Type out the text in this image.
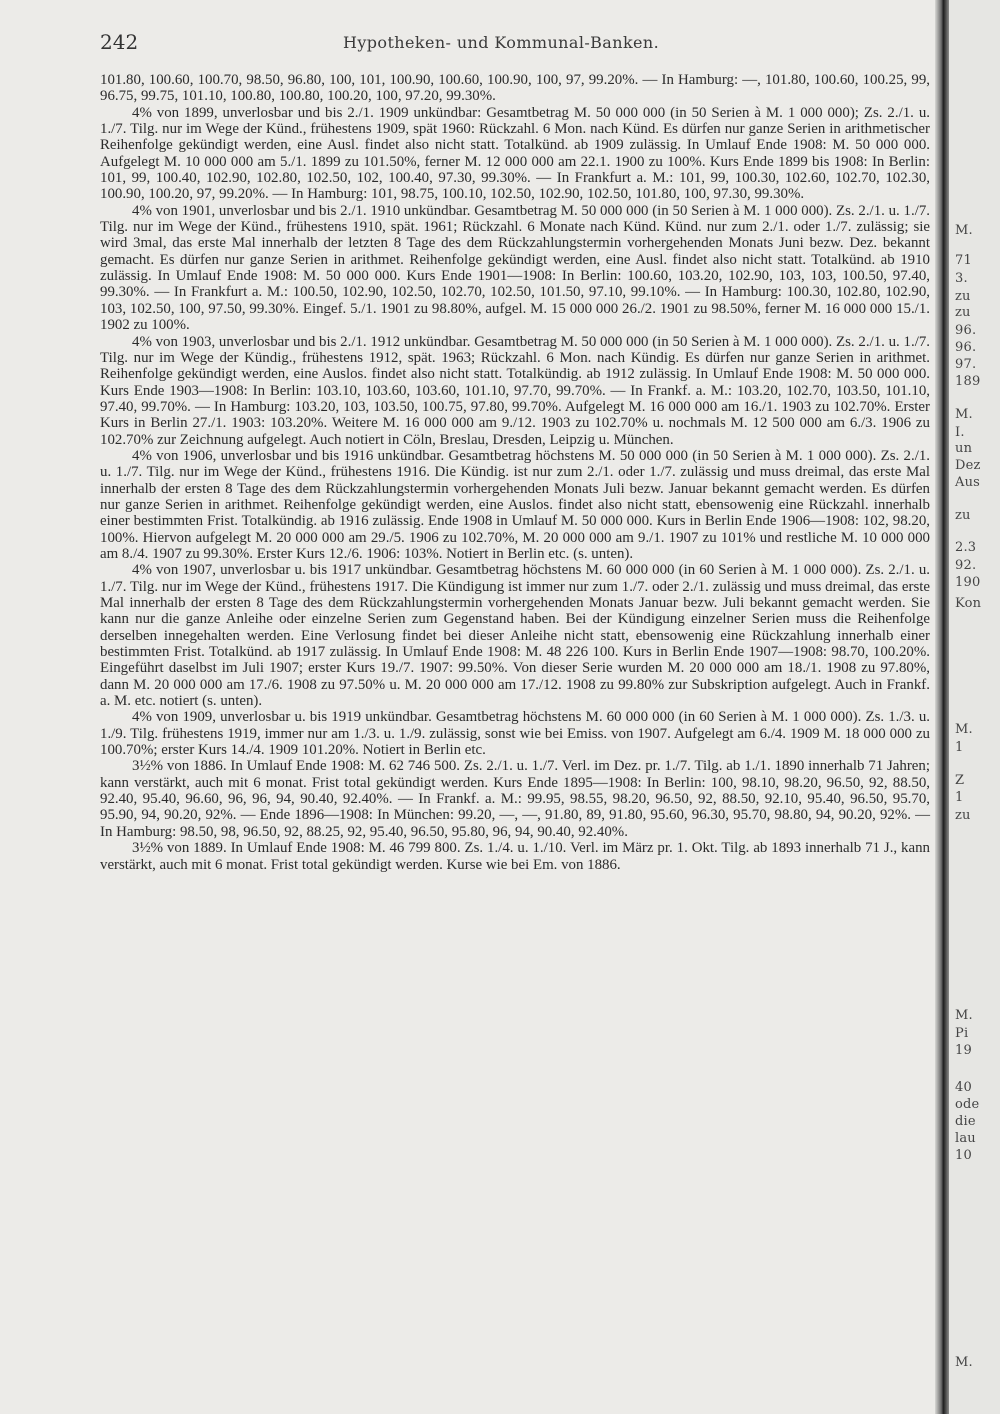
242	Hypotheken- und Kommunal-Banken.

101.80, 100.60, 100.70, 98.50, 96.80, 100, 101, 100.90, 100.60, 100.90, 100, 97, 99.20%. — In Hamburg: —, 101.80, 100.60, 100.25, 99, 96.75, 99.75, 101.10, 100.80, 100.80, 100.20, 100, 97.20, 99.30%.

4% von 1899, unverlosbar und bis 2./1. 1909 unkündbar: Gesamtbetrag M. 50 000 000 (in 50 Serien à M. 1 000 000); Zs. 2./1. u. 1./7. Tilg. nur im Wege der Künd., frühestens 1909, spät 1960: Rückzahl. 6 Mon. nach Künd. Es dürfen nur ganze Serien in arithmetischer Reihenfolge gekündigt werden, eine Ausl. findet also nicht statt. Totalkünd. ab 1909 zulässig. In Umlauf Ende 1908: M. 50 000 000. Aufgelegt M. 10 000 000 am 5./1. 1899 zu 101.50%, ferner M. 12 000 000 am 22.1. 1900 zu 100%. Kurs Ende 1899 bis 1908: In Berlin: 101, 99, 100.40, 102.90, 102.80, 102.50, 102, 100.40, 97.30, 99.30%. — In Frankfurt a. M.: 101, 99, 100.30, 102.60, 102.70, 102.30, 100.90, 100.20, 97, 99.20%. — In Hamburg: 101, 98.75, 100.10, 102.50, 102.90, 102.50, 101.80, 100, 97.30, 99.30%.

4% von 1901, unverlosbar und bis 2./1. 1910 unkündbar. Gesamtbetrag M. 50 000 000 (in 50 Serien à M. 1 000 000). Zs. 2./1. u. 1./7. Tilg. nur im Wege der Künd., frühestens 1910, spät. 1961; Rückzahl. 6 Monate nach Künd. Künd. nur zum 2./1. oder 1./7. zulässig; sie wird 3mal, das erste Mal innerhalb der letzten 8 Tage des dem Rückzahlungstermin vorhergehenden Monats Juni bezw. Dez. bekannt gemacht. Es dürfen nur ganze Serien in arithmet. Reihenfolge gekündigt werden, eine Ausl. findet also nicht statt. Totalkünd. ab 1910 zulässig. In Umlauf Ende 1908: M. 50 000 000. Kurs Ende 1901—1908: In Berlin: 100.60, 103.20, 102.90, 103, 103, 100.50, 97.40, 99.30%. — In Frankfurt a. M.: 100.50, 102.90, 102.50, 102.70, 102.50, 101.50, 97.10, 99.10%. — In Hamburg: 100.30, 102.80, 102.90, 103, 102.50, 100, 97.50, 99.30%. Eingef. 5./1. 1901 zu 98.80%, aufgel. M. 15 000 000 26./2. 1901 zu 98.50%, ferner M. 16 000 000 15./1. 1902 zu 100%.

4% von 1903, unverlosbar und bis 2./1. 1912 unkündbar. Gesamtbetrag M. 50 000 000 (in 50 Serien à M. 1 000 000). Zs. 2./1. u. 1./7. Tilg. nur im Wege der Kündig., frühestens 1912, spät. 1963; Rückzahl. 6 Mon. nach Kündig. Es dürfen nur ganze Serien in arithmet. Reihenfolge gekündigt werden, eine Auslos. findet also nicht statt. Totalkündig. ab 1912 zulässig. In Umlauf Ende 1908: M. 50 000 000. Kurs Ende 1903—1908: In Berlin: 103.10, 103.60, 103.60, 101.10, 97.70, 99.70%. — In Frankf. a. M.: 103.20, 102.70, 103.50, 101.10, 97.40, 99.70%. — In Hamburg: 103.20, 103, 103.50, 100.75, 97.80, 99.70%. Aufgelegt M. 16 000 000 am 16./1. 1903 zu 102.70%. Erster Kurs in Berlin 27./1. 1903: 103.20%. Weitere M. 16 000 000 am 9./12. 1903 zu 102.70% u. nochmals M. 12 500 000 am 6./3. 1906 zu 102.70% zur Zeichnung aufgelegt. Auch notiert in Cöln, Breslau, Dresden, Leipzig u. München.

4% von 1906, unverlosbar und bis 1916 unkündbar. Gesamtbetrag höchstens M. 50 000 000 (in 50 Serien à M. 1 000 000). Zs. 2./1. u. 1./7. Tilg. nur im Wege der Künd., frühestens 1916. Die Kündig. ist nur zum 2./1. oder 1./7. zulässig und muss dreimal, das erste Mal innerhalb der ersten 8 Tage des dem Rückzahlungstermin vorhergehenden Monats Juli bezw. Januar bekannt gemacht werden. Es dürfen nur ganze Serien in arithmet. Reihenfolge gekündigt werden, eine Auslos. findet also nicht statt, ebensowenig eine Rückzahl. innerhalb einer bestimmten Frist. Totalkündig. ab 1916 zulässig. Ende 1908 in Umlauf M. 50 000 000. Kurs in Berlin Ende 1906—1908: 102, 98.20, 100%. Hiervon aufgelegt M. 20 000 000 am 29./5. 1906 zu 102.70%, M. 20 000 000 am 9./1. 1907 zu 101% und restliche M. 10 000 000 am 8./4. 1907 zu 99.30%. Erster Kurs 12./6. 1906: 103%. Notiert in Berlin etc. (s. unten).

4% von 1907, unverlosbar u. bis 1917 unkündbar. Gesamtbetrag höchstens M. 60 000 000 (in 60 Serien à M. 1 000 000). Zs. 2./1. u. 1./7. Tilg. nur im Wege der Künd., frühestens 1917. Die Kündigung ist immer nur zum 1./7. oder 2./1. zulässig und muss dreimal, das erste Mal innerhalb der ersten 8 Tage des dem Rückzahlungstermin vorhergehenden Monats Januar bezw. Juli bekannt gemacht werden. Sie kann nur die ganze Anleihe oder einzelne Serien zum Gegenstand haben. Bei der Kündigung einzelner Serien muss die Reihenfolge derselben innegehalten werden. Eine Verlosung findet bei dieser Anleihe nicht statt, ebensowenig eine Rückzahlung innerhalb einer bestimmten Frist. Totalkünd. ab 1917 zulässig. In Umlauf Ende 1908: M. 48 226 100. Kurs in Berlin Ende 1907—1908: 98.70, 100.20%. Eingeführt daselbst im Juli 1907; erster Kurs 19./7. 1907: 99.50%. Von dieser Serie wurden M. 20 000 000 am 18./1. 1908 zu 97.80%, dann M. 20 000 000 am 17./6. 1908 zu 97.50% u. M. 20 000 000 am 17./12. 1908 zu 99.80% zur Subskription aufgelegt. Auch in Frankf. a. M. etc. notiert (s. unten).

4% von 1909, unverlosbar u. bis 1919 unkündbar. Gesamtbetrag höchstens M. 60 000 000 (in 60 Serien à M. 1 000 000). Zs. 1./3. u. 1./9. Tilg. frühestens 1919, immer nur am 1./3. u. 1./9. zulässig, sonst wie bei Emiss. von 1907. Aufgelegt am 6./4. 1909 M. 18 000 000 zu 100.70%; erster Kurs 14./4. 1909 101.20%. Notiert in Berlin etc.

3½% von 1886. In Umlauf Ende 1908: M. 62 746 500. Zs. 2./1. u. 1./7. Verl. im Dez. pr. 1./7. Tilg. ab 1./1. 1890 innerhalb 71 Jahren; kann verstärkt, auch mit 6 monat. Frist total gekündigt werden. Kurs Ende 1895—1908: In Berlin: 100, 98.10, 98.20, 96.50, 92, 88.50, 92.40, 95.40, 96.60, 96, 96, 94, 90.40, 92.40%. — In Frankf. a. M.: 99.95, 98.55, 98.20, 96.50, 92, 88.50, 92.10, 95.40, 96.50, 95.70, 95.90, 94, 90.20, 92%. — Ende 1896—1908: In München: 99.20, —, —, 91.80, 89, 91.80, 95.60, 96.30, 95.70, 98.80, 94, 90.20, 92%. — In Hamburg: 98.50, 98, 96.50, 92, 88.25, 92, 95.40, 96.50, 95.80, 96, 94, 90.40, 92.40%.

3½% von 1889. In Umlauf Ende 1908: M. 46 799 800. Zs. 1./4. u. 1./10. Verl. im März pr. 1. Okt. Tilg. ab 1893 innerhalb 71 J., kann verstärkt, auch mit 6 monat. Frist total gekündigt werden. Kurse wie bei Em. von 1886.

M.
71
3.
zu
zu
96.
96.
97.
189
M.
I.
un
Dez
Aus
zu
2.3
92.
190
Kon
M.
1
Z
1
zu
M.
Pi
19
40
ode
die
lau
10
M.
